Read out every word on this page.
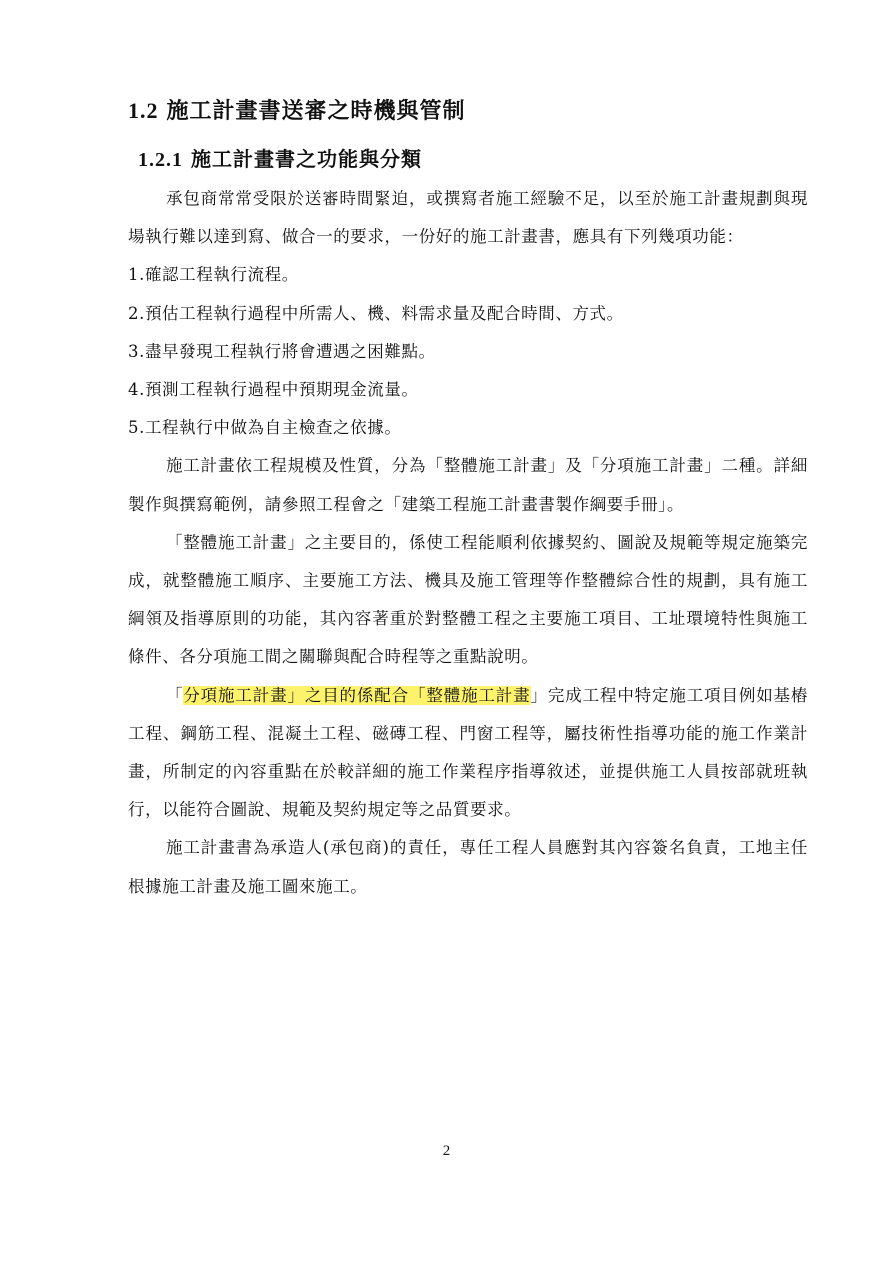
1.2 施工計畫書送審之時機與管制
1.2.1 施工計畫書之功能與分類

承包商常常受限於送審時間緊迫，或撰寫者施工經驗不足，以至於施工計畫規劃與現場執行難以達到寫、做合一的要求，一份好的施工計畫書，應具有下列幾項功能：

1.確認工程執行流程。

2.預估工程執行過程中所需人、機、料需求量及配合時間、方式。

3.盡早發現工程執行將會遭遇之困難點。

4.預測工程執行過程中預期現金流量。

5.工程執行中做為自主檢查之依據。

施工計畫依工程規模及性質，分為「整體施工計畫」及「分項施工計畫」二種。詳細製作與撰寫範例，請參照工程會之「建築工程施工計畫書製作綱要手冊」。

「整體施工計畫」之主要目的，係使工程能順利依據契約、圖說及規範等規定施築完成，就整體施工順序、主要施工方法、機具及施工管理等作整體綜合性的規劃，具有施工綱領及指導原則的功能，其內容著重於對整體工程之主要施工項目、工址環境特性與施工條件、各分項施工間之關聯與配合時程等之重點說明。

「分項施工計畫」之目的係配合「整體施工計畫」完成工程中特定施工項目例如基樁工程、鋼筋工程、混凝土工程、磁磚工程、門窗工程等，屬技術性指導功能的施工作業計畫，所制定的內容重點在於較詳細的施工作業程序指導敘述，並提供施工人員按部就班執行，以能符合圖說、規範及契約規定等之品質要求。

施工計畫書為承造人(承包商)的責任，專任工程人員應對其內容簽名負責，工地主任根據施工計畫及施工圖來施工。

2
